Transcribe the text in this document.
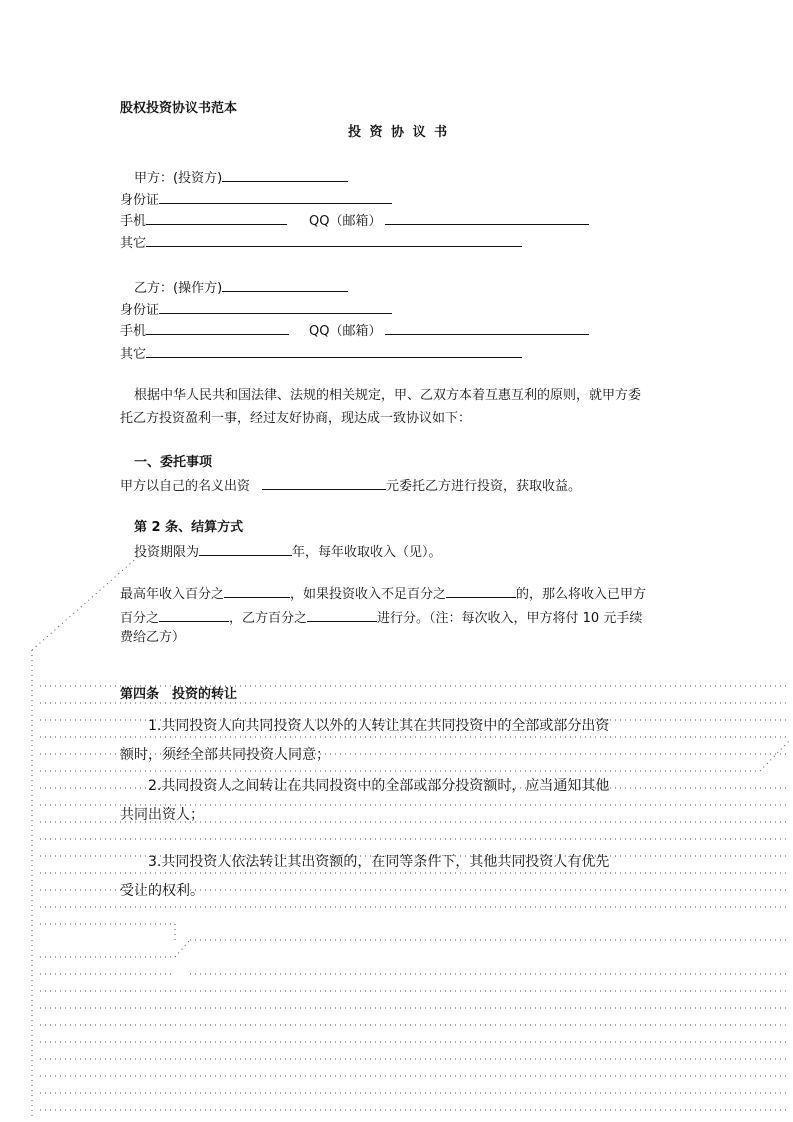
股权投资协议书范本
投 资 协 议 书
甲方：(投资方)
身份证
手机	QQ（邮箱）
其它
乙方：(操作方)
身份证
手机	QQ（邮箱）
其它
根据中华人民共和国法律、法规的相关规定，甲、乙双方本着互惠互利的原则，就甲方委
托乙方投资盈利一事，经过友好协商，现达成一致协议如下：
一、委托事项
甲方以自己的名义出资	元委托乙方进行投资，获取收益。
第 2 条、结算方式
投资期限为	年，每年收取收入（见）。
最高年收入百分之	，如果投资收入不足百分之	的，那么将收入已甲方
百分之	，乙方百分之	进行分。（注：每次收入，甲方将付 10 元手续
费给乙方）
第四条　投资的转让
1.共同投资人向共同投资人以外的人转让其在共同投资中的全部或部分出资
额时，须经全部共同投资人同意；
2.共同投资人之间转让在共同投资中的全部或部分投资额时，应当通知其他
共同出资人；
3.共同投资人依法转让其出资额的，在同等条件下，其他共同投资人有优先
受让的权利。
